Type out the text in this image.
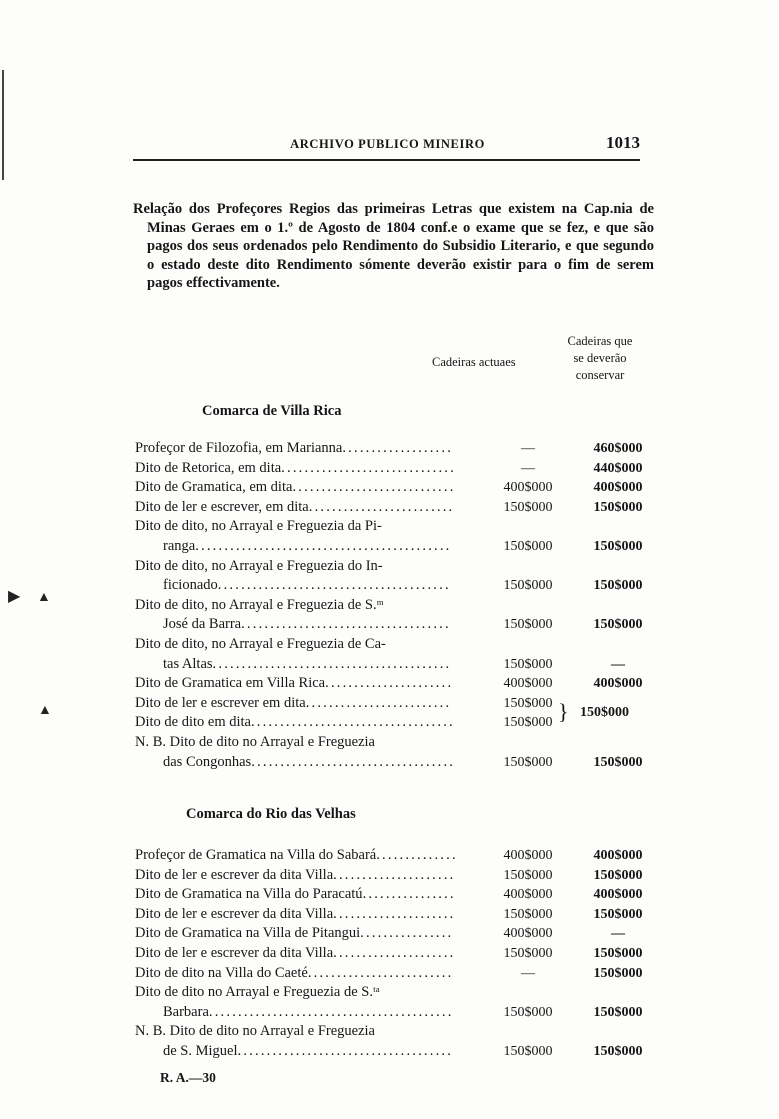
▶ ▲
▲
ARCHIVO PUBLICO MINEIRO	1013
Relação dos Profeçores Regios das primeiras Letras que existem na Cap.nia de Minas Geraes em o 1.º de Agosto de 1804 conf.e o exame que se fez, e que são pagos dos seus ordenados pelo Rendimento do Subsidio Literario, e que segundo o estado deste dito Rendimento sómente deverão existir para o fim de serem pagos effectivamente.
Cadeiras actuaes
Cadeiras que
se deverão
conservar
Comarca de Villa Rica
Comarca do Rio das Velhas
Profeçor de Filozofia, em Marianna...................	—	460$000
Dito de Retorica, em dita..............................	—	440$000
Dito de Gramatica, em dita............................	400$000	400$000
Dito de ler e escrever, em dita.........................	150$000	150$000
Dito de dito, no Arrayal e Freguezia da Pi-
ranga............................................	150$000	150$000
Dito de dito, no Arrayal e Freguezia do In-
ficionado........................................	150$000	150$000
Dito de dito, no Arrayal e Freguezia de S.ᵐ
José da Barra....................................	150$000	150$000
Dito de dito, no Arrayal e Freguezia de Ca-
tas Altas.........................................	150$000	—
Dito de Gramatica em Villa Rica......................	400$000	400$000
Dito de ler e escrever em dita.........................	150$000
Dito de dito em dita...................................	150$000 } 150$000
N. B. Dito de dito no Arrayal e Freguezia
das Congonhas...................................	150$000	150$000
Profeçor de Gramatica na Villa do Sabará..............	400$000	400$000
Dito de ler e escrever da dita Villa.....................	150$000	150$000
Dito de Gramatica na Villa do Paracatú................	400$000	400$000
Dito de ler e escrever da dita Villa.....................	150$000	150$000
Dito de Gramatica na Villa de Pitangui................	400$000	—
Dito de ler e escrever da dita Villa.....................	150$000	150$000
Dito de dito na Villa do Caeté.........................	—	150$000
Dito de dito no Arrayal e Freguezia de S.ᵗᵃ
Barbara..........................................	150$000	150$000
N. B. Dito de dito no Arrayal e Freguezia
de S. Miguel.....................................	150$000	150$000
R. A.—30
